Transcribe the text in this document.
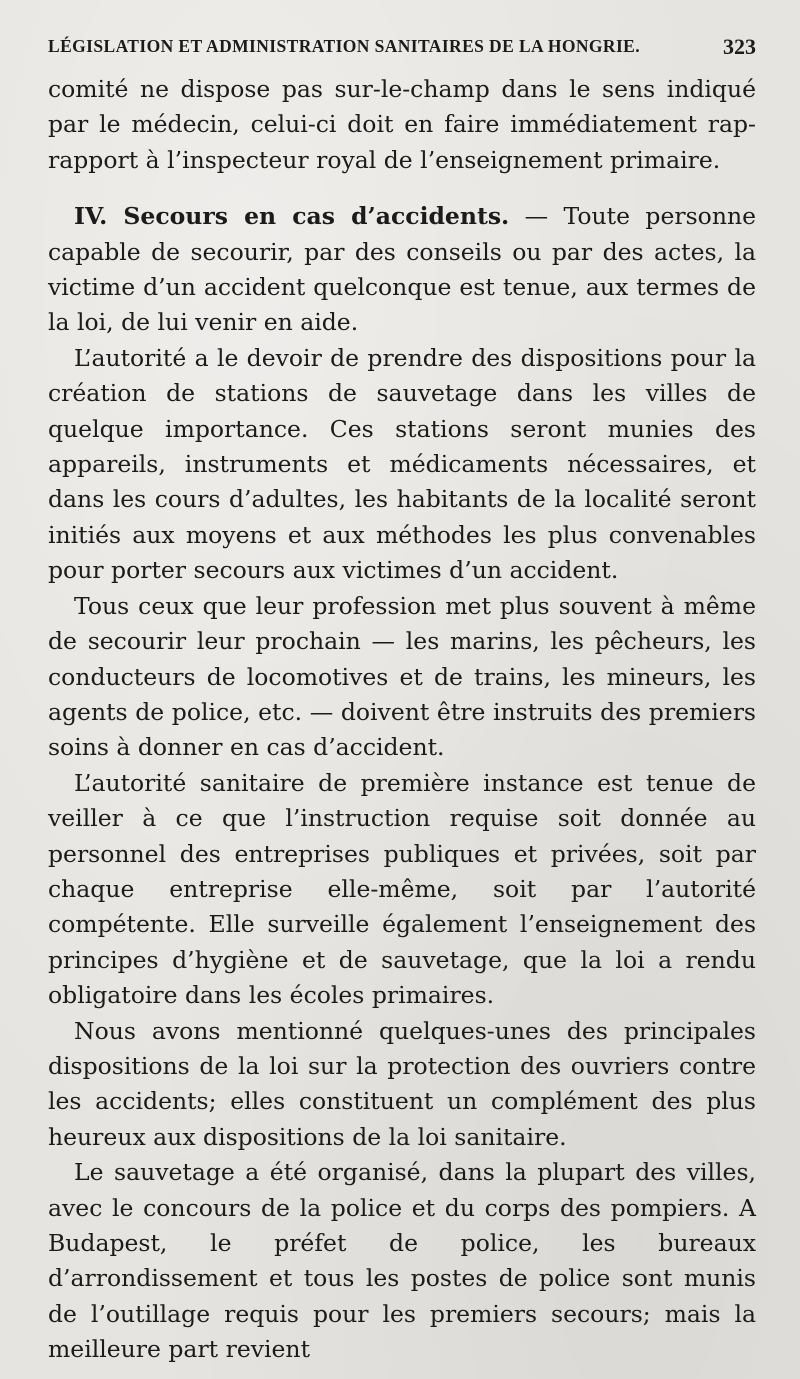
LÉGISLATION ET ADMINISTRATION SANITAIRES DE LA HONGRIE.	323

comité ne dispose pas sur-le-champ dans le sens indiqué par le médecin, celui-ci doit en faire immédiatement rap-rapport à l’inspecteur royal de l’enseignement primaire.

IV. Secours en cas d’accidents. — Toute personne capable de secourir, par des conseils ou par des actes, la victime d’un accident quelconque est tenue, aux termes de la loi, de lui venir en aide.

L’autorité a le devoir de prendre des dispositions pour la création de stations de sauvetage dans les villes de quelque importance. Ces stations seront munies des appareils, instruments et médicaments nécessaires, et dans les cours d’adultes, les habitants de la localité seront initiés aux moyens et aux méthodes les plus convenables pour porter secours aux victimes d’un accident.

Tous ceux que leur profession met plus souvent à même de secourir leur prochain — les marins, les pêcheurs, les conducteurs de locomotives et de trains, les mineurs, les agents de police, etc. — doivent être instruits des premiers soins à donner en cas d’accident.

L’autorité sanitaire de première instance est tenue de veiller à ce que l’instruction requise soit donnée au personnel des entreprises publiques et privées, soit par chaque entreprise elle-même, soit par l’autorité compétente. Elle surveille également l’enseignement des principes d’hygiène et de sauvetage, que la loi a rendu obligatoire dans les écoles primaires.

Nous avons mentionné quelques-unes des principales dispositions de la loi sur la protection des ouvriers contre les accidents; elles constituent un complément des plus heureux aux dispositions de la loi sanitaire.

Le sauvetage a été organisé, dans la plupart des villes, avec le concours de la police et du corps des pompiers. A Budapest, le préfet de police, les bureaux d’arrondissement et tous les postes de police sont munis de l’outillage requis pour les premiers secours; mais la meilleure part revient
